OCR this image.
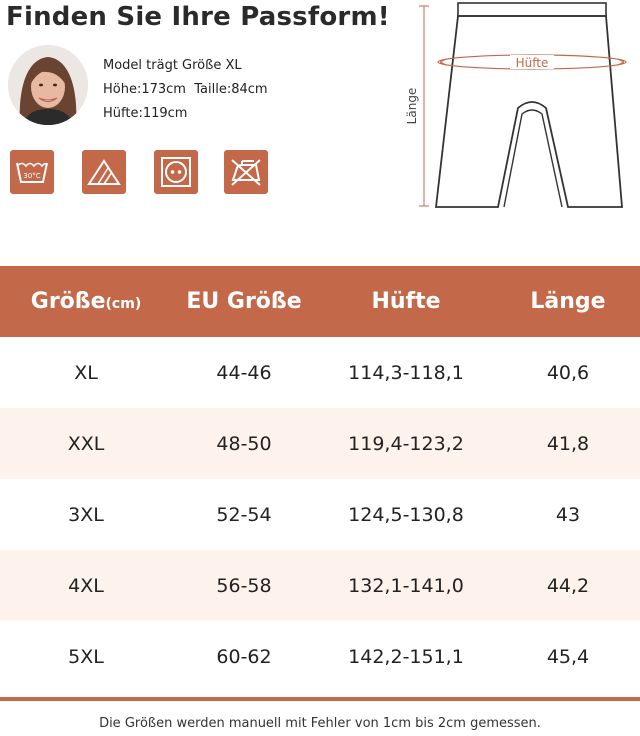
Finden Sie Ihre Passform!
Model trägt Größe XL
Höhe:173cm  Taille:84cm
Hüfte:119cm
30°C
Länge
Hüfte
Größe(cm)	EU Größe	Hüfte	Länge
XL	44-46	114,3-118,1	40,6
XXL	48-50	119,4-123,2	41,8
3XL	52-54	124,5-130,8	43
4XL	56-58	132,1-141,0	44,2
5XL	60-62	142,2-151,1	45,4
Die Größen werden manuell mit Fehler von 1cm bis 2cm gemessen.
